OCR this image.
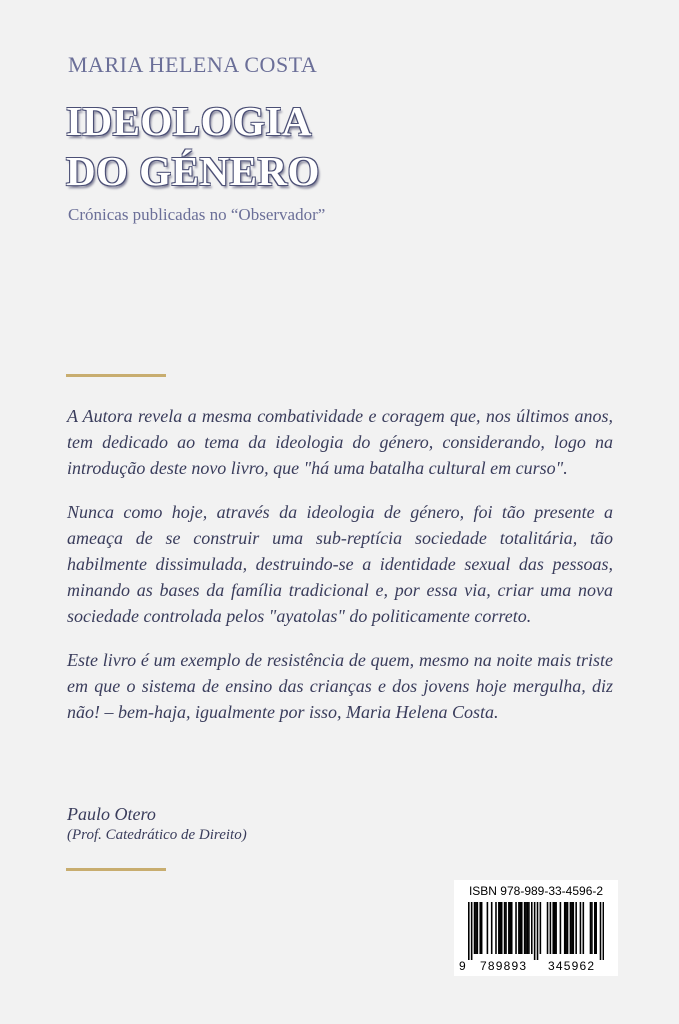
MARIA HELENA COSTA
IDEOLOGIA
DO GÉNERO
Crónicas publicadas no “Observador”

A Autora revela a mesma combatividade e coragem que, nos últimos anos, tem dedicado ao tema da ideologia do género, considerando, logo na introdução deste novo livro, que "há uma batalha cultural em curso".

Nunca como hoje, através da ideologia de género, foi tão presente a ameaça de se construir uma sub-reptícia sociedade totalitária, tão habilmente dissimulada, destruindo-se a identidade sexual das pessoas, minando as bases da família tradicional e, por essa via, criar uma nova sociedade controlada pelos "ayatolas" do politicamente correto.

Este livro é um exemplo de resistência de quem, mesmo na noite mais triste em que o sistema de ensino das crianças e dos jovens hoje mergulha, diz não! – bem-haja, igualmente por isso, Maria Helena Costa.

Paulo Otero
(Prof. Catedrático de Direito)
ISBN 978-989-33-4596-2
9 789893 345962
